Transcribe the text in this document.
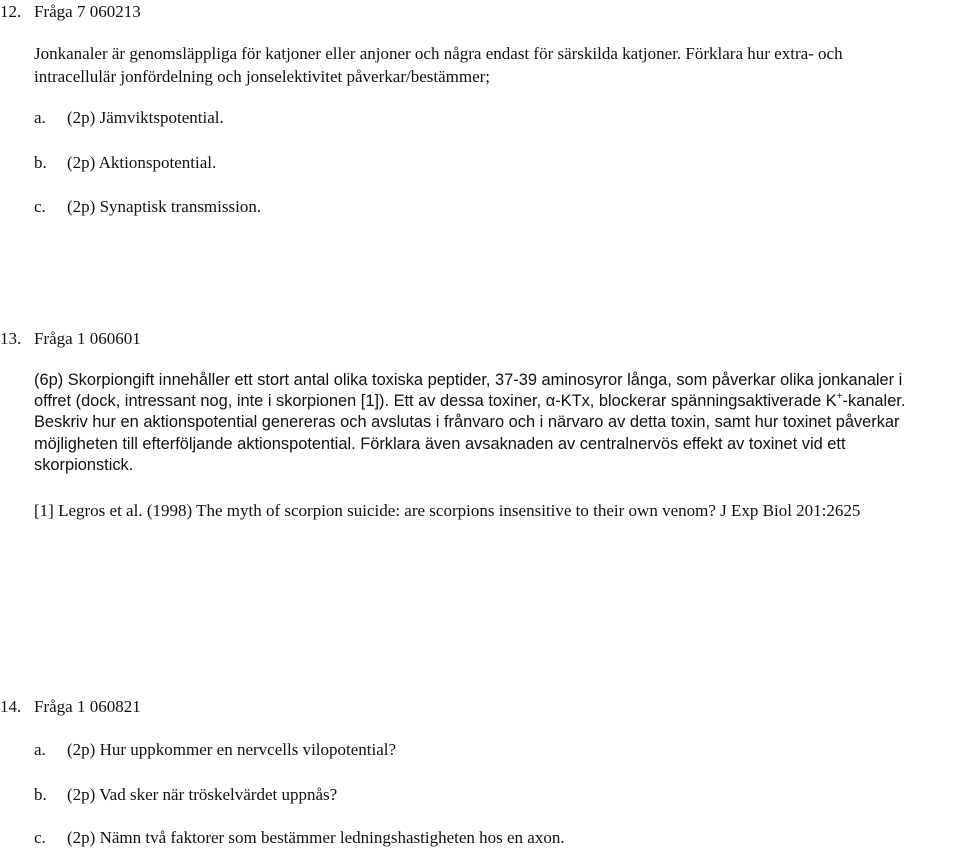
12. Fråga 7 060213
Jonkanaler är genomsläppliga för katjoner eller anjoner och några endast för särskilda katjoner. Förklara hur extra- och
intracellulär jonfördelning och jonselektivitet påverkar/bestämmer;
a. (2p) Jämviktspotential.
b. (2p) Aktionspotential.
c. (2p) Synaptisk transmission.
13. Fråga 1 060601
(6p) Skorpiongift innehåller ett stort antal olika toxiska peptider, 37-39 aminosyror långa, som påverkar olika jonkanaler i
offret (dock, intressant nog, inte i skorpionen [1]). Ett av dessa toxiner, α-KTx, blockerar spänningsaktiverade K+-kanaler.
Beskriv hur en aktionspotential genereras och avslutas i frånvaro och i närvaro av detta toxin, samt hur toxinet påverkar
möjligheten till efterföljande aktionspotential. Förklara även avsaknaden av centralnervös effekt av toxinet vid ett
skorpionstick.
[1] Legros et al. (1998) The myth of scorpion suicide: are scorpions insensitive to their own venom? J Exp Biol 201:2625
14. Fråga 1 060821
a. (2p) Hur uppkommer en nervcells vilopotential?
b. (2p) Vad sker när tröskelvärdet uppnås?
c. (2p) Nämn två faktorer som bestämmer ledningshastigheten hos en axon.
